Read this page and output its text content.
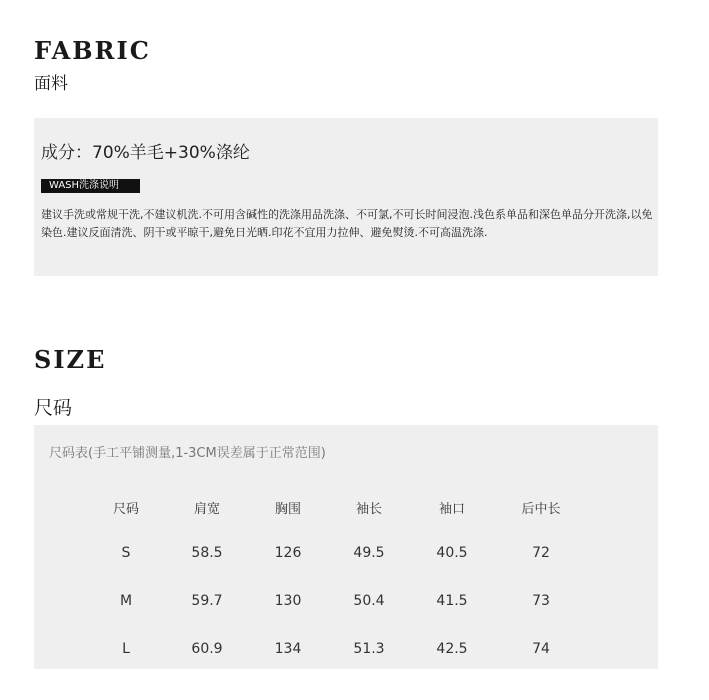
FABRIC
面料
成分：70%羊毛+30%涤纶
WASH洗涤说明
建议手洗或常规干洗,不建议机洗.不可用含碱性的洗涤用品洗涤、不可氯,不可长时间浸泡.浅色系单品和深色单品分开洗涤,以免染色.建议反面清洗、阴干或平晾干,避免日光晒.印花不宜用力拉伸、避免熨烫.不可高温洗涤.
SIZE
尺码
尺码表(手工平铺测量,1-3CM误差属于正常范围)
尺码	肩宽	胸围	袖长	袖口	后中长
S	58.5	126	49.5	40.5	72
M	59.7	130	50.4	41.5	73
L	60.9	134	51.3	42.5	74
